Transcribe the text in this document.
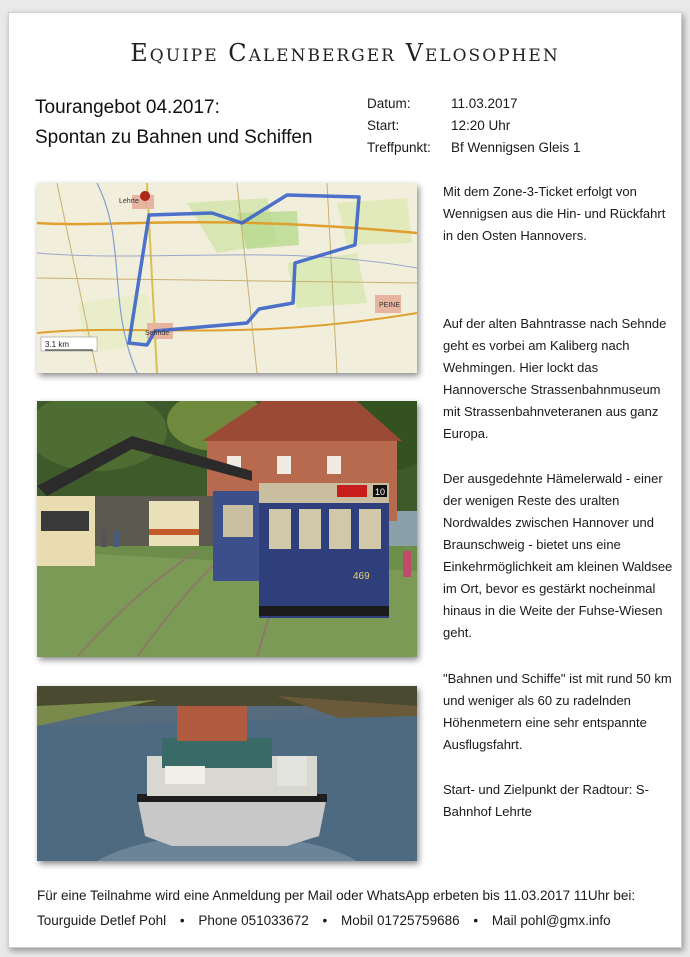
Equipe Calenberger Velosophen
Tourangebot 04.2017:
Spontan zu Bahnen und Schiffen
Datum:	11.03.2017
Start:	12:20 Uhr
Treffpunkt:	Bf Wennigsen Gleis 1
Lehrte
Sehnde
PEINE
3.1 km
10
469
Mit dem Zone-3-Ticket erfolgt von Wennigsen aus die Hin- und Rückfahrt in den Osten Hannovers.
Auf der alten Bahntrasse nach Sehnde geht es vorbei am Kaliberg nach Wehmingen. Hier lockt das Hannoversche Strassenbahnmuseum mit Strassenbahnveteranen aus ganz Europa.
Der ausgedehnte Hämelerwald - einer der wenigen Reste des uralten Nordwaldes zwischen Hannover und Braunschweig - bietet uns eine Einkehrmöglichkeit am kleinen Waldsee im Ort, bevor es gestärkt nocheinmal hinaus in die Weite der Fuhse-Wiesen geht.
"Bahnen und Schiffe" ist mit rund 50 km und weniger als 60 zu radelnden Höhenmetern eine sehr entspannte Ausflugsfahrt.
Start- und Zielpunkt der Radtour: S-Bahnhof Lehrte
Für eine Teilnahme wird eine Anmeldung per Mail oder WhatsApp erbeten bis 11.03.2017 11Uhr bei:
Tourguide Detlef Pohl • Phone 051033672 • Mobil 01725759686 • Mail pohl@gmx.info
